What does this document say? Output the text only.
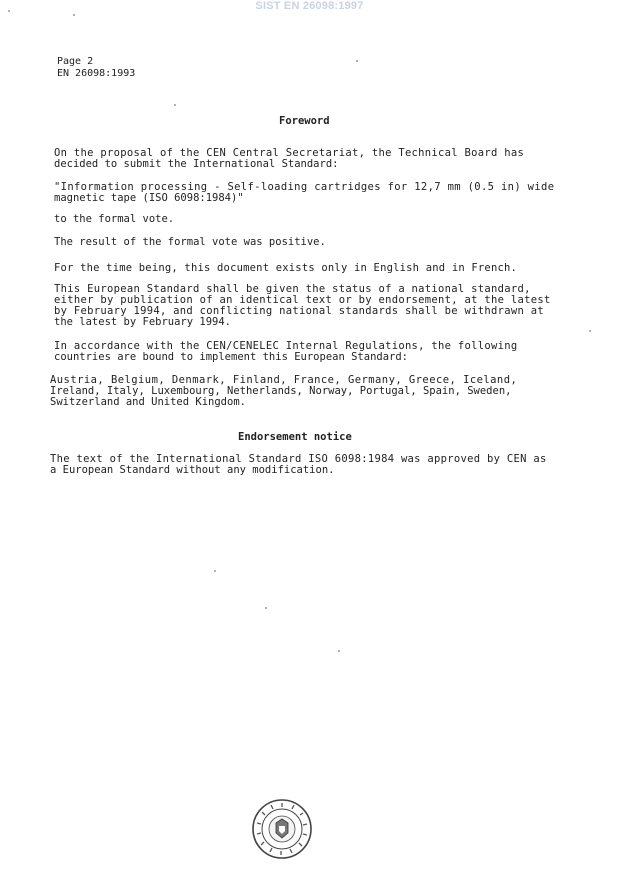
SIST EN 26098:1997
Page 2
EN 26098:1993
Foreword
On the proposal of the CEN Central Secretariat, the Technical Board has
decided to submit the International Standard:
"Information processing - Self-loading cartridges for 12,7 mm (0.5 in) wide
magnetic tape (ISO 6098:1984)"
to the formal vote.
The result of the formal vote was positive.
For the time being, this document exists only in English and in French.
This European Standard shall be given the status of a national standard,
either by publication of an identical text or by endorsement, at the latest
by February 1994, and conflicting national standards shall be withdrawn at
the latest by February 1994.
In accordance with the CEN/CENELEC Internal Regulations, the following
countries are bound to implement this European Standard:
Austria, Belgium, Denmark, Finland, France, Germany, Greece, Iceland,
Ireland, Italy, Luxembourg, Netherlands, Norway, Portugal, Spain, Sweden,
Switzerland and United Kingdom.
Endorsement notice
The text of the International Standard ISO 6098:1984 was approved by CEN as
a European Standard without any modification.
